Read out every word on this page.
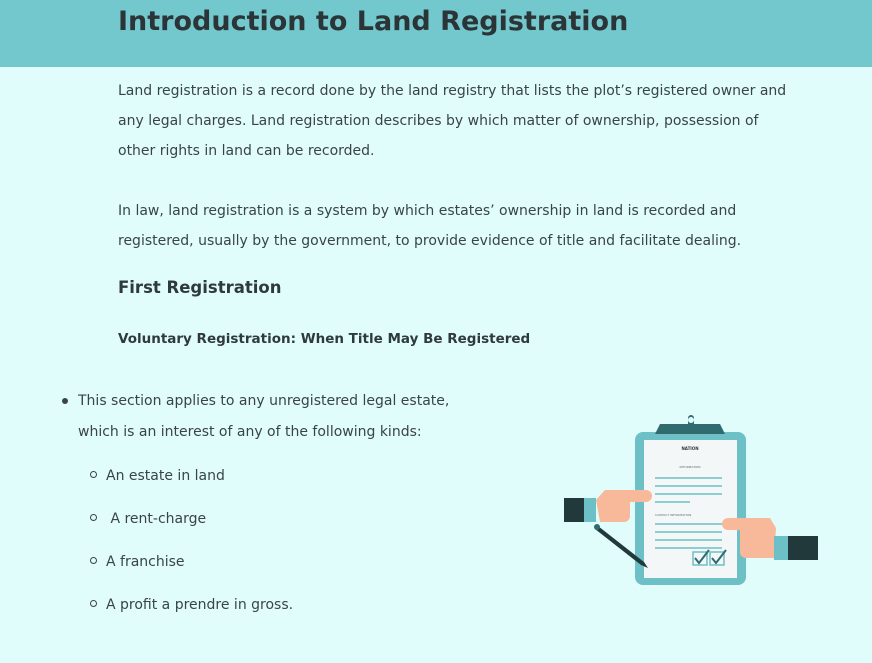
Introduction to Land Registration

Land registration is a record done by the land registry that lists the plot’s registered owner and any legal charges. Land registration describes by which matter of ownership, possession of other rights in land can be recorded.

In law, land registration is a system by which estates’ ownership in land is recorded and registered, usually by the government, to provide evidence of title and facilitate dealing.

First Registration
Voluntary Registration: When Title May Be Registered

This section applies to any unregistered legal estate, which is an interest of any of the following kinds:

An estate in land
A rent-charge
A franchise
A profit a prendre in gross.
NATION
INFORMATION
CONTACT INFORMATION
